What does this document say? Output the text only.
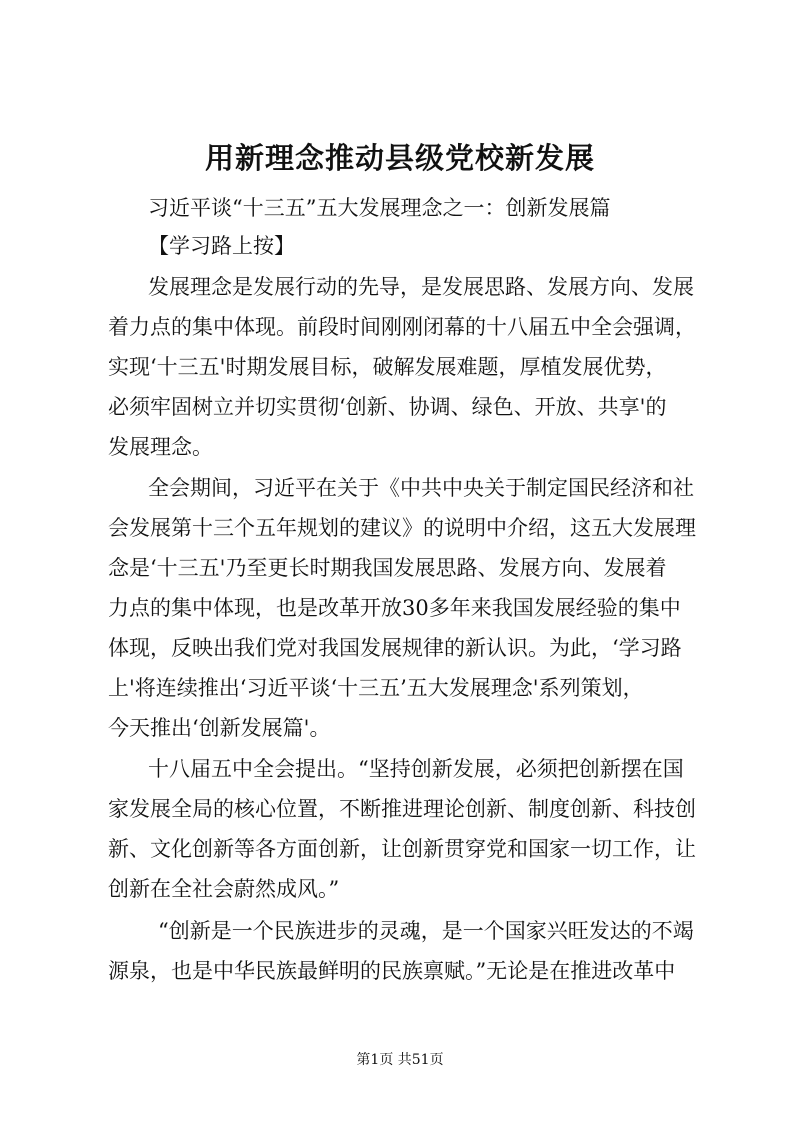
用新理念推动县级党校新发展
习近平谈“十三五”五大发展理念之一：创新发展篇
【学习路上按】
发展理念是发展行动的先导，是发展思路、发展方向、发展
着力点的集中体现。前段时间刚刚闭幕的十八届五中全会强调，
实现‘十三五'时期发展目标，破解发展难题，厚植发展优势，
必须牢固树立并切实贯彻‘创新、协调、绿色、开放、共享'的
发展理念。
全会期间，习近平在关于《中共中央关于制定国民经济和社
会发展第十三个五年规划的建议》的说明中介绍，这五大发展理
念是‘十三五'乃至更长时期我国发展思路、发展方向、发展着
力点的集中体现，也是改革开放30多年来我国发展经验的集中
体现，反映出我们党对我国发展规律的新认识。为此，‘学习路
上'将连续推出‘习近平谈‘十三五’五大发展理念'系列策划，
今天推出‘创新发展篇'。
十八届五中全会提出。“坚持创新发展，必须把创新摆在国
家发展全局的核心位置，不断推进理论创新、制度创新、科技创
新、文化创新等各方面创新，让创新贯穿党和国家一切工作，让
创新在全社会蔚然成风。”
“创新是一个民族进步的灵魂，是一个国家兴旺发达的不竭
源泉，也是中华民族最鲜明的民族禀赋。”无论是在推进改革中
第1页 共51页
